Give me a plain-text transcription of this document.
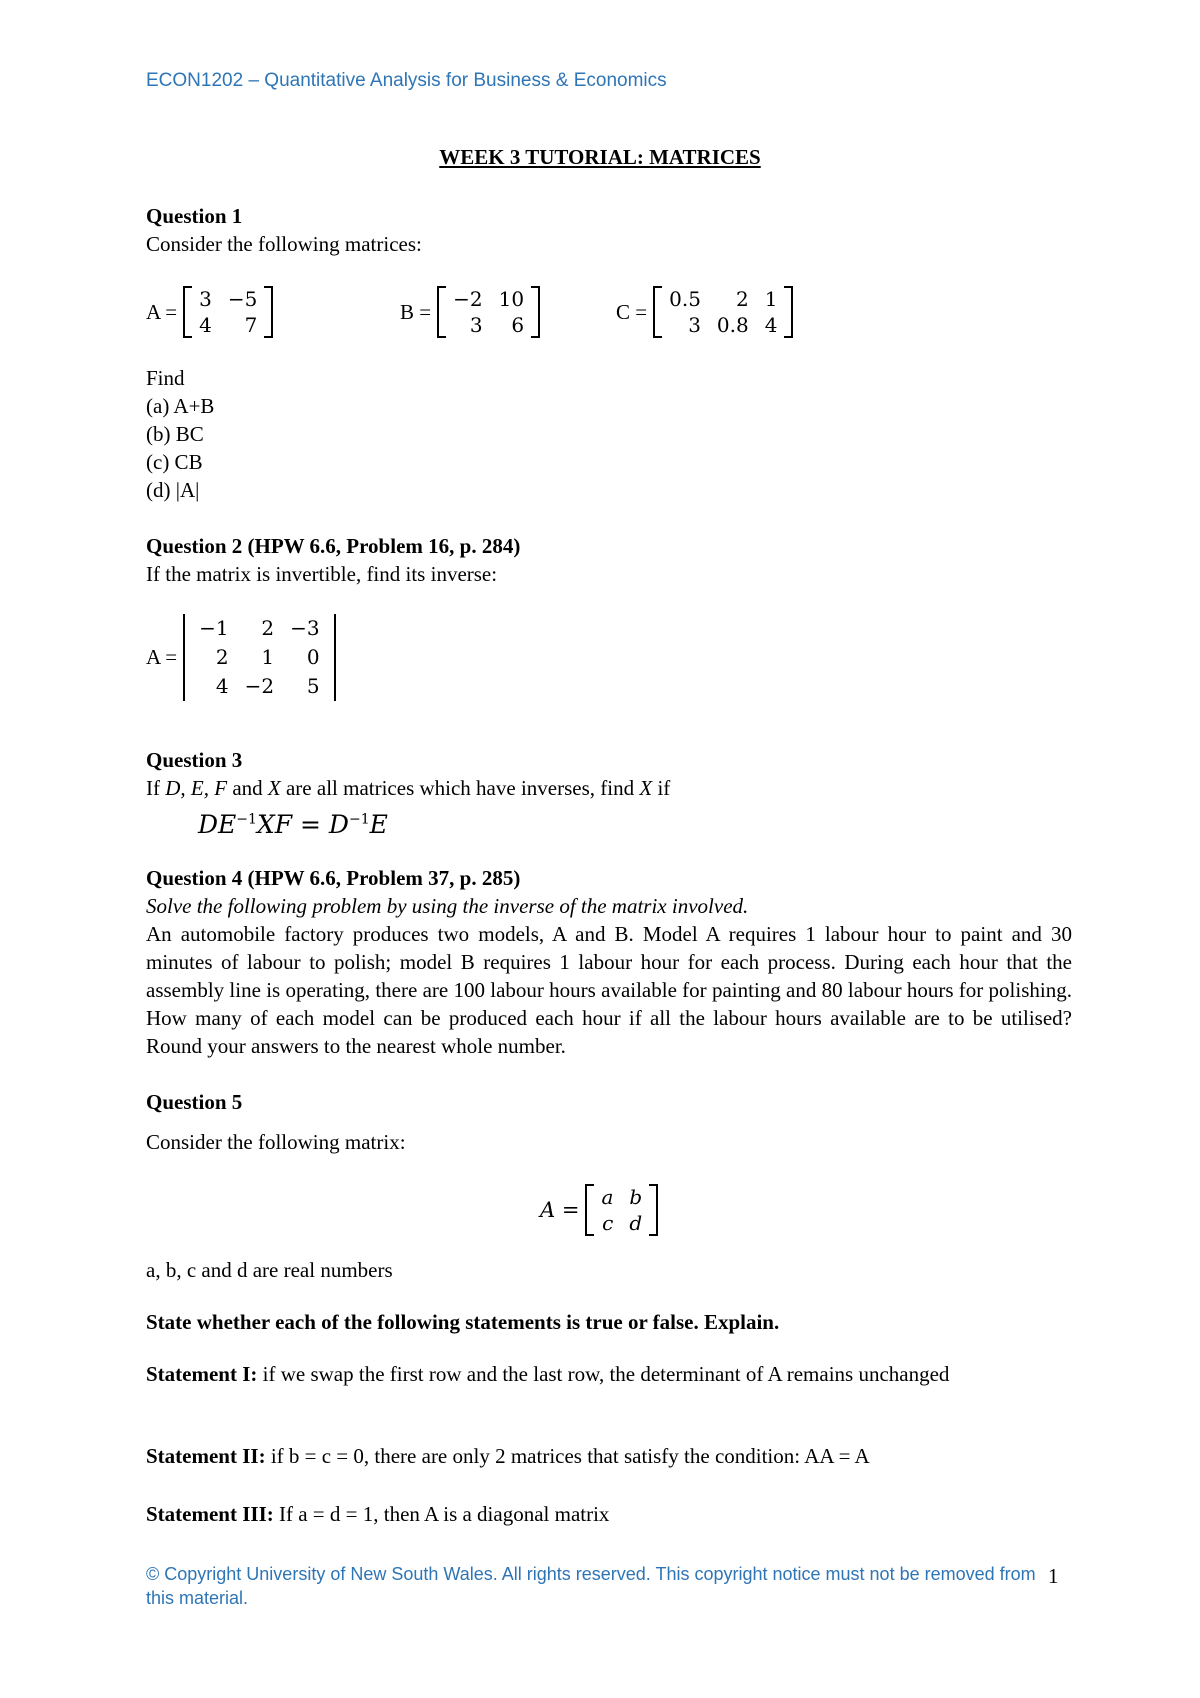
ECON1202 – Quantitative Analysis for Business & Economics
WEEK 3 TUTORIAL: MATRICES
Question 1
Consider the following matrices:
A =
3 −5
4	7
B =
−2 10
3	6
C =
0.5	2 1
3 0.8 4
Find
(a) A+B
(b) BC
(c) CB
(d) |A|
Question 2 (HPW 6.6, Problem 16, p. 284)
If the matrix is invertible, find its inverse:
A =
−1	2 −3
2	1	0
4 −2	5
Question 3
If D, E, F and X are all matrices which have inverses, find X if
$DE^{-1}XF = D^{-1}E$
Question 4 (HPW 6.6, Problem 37, p. 285)
Solve the following problem by using the inverse of the matrix involved.
An automobile factory produces two models, A and B. Model A requires 1 labour hour to paint and 30 minutes of labour to polish; model B requires 1 labour hour for each process. During each hour that the assembly line is operating, there are 100 labour hours available for painting and 80 labour hours for polishing. How many of each model can be produced each hour if all the labour hours available are to be utilised? Round your answers to the nearest whole number.
Question 5
Consider the following matrix:
A =
a b
c d
a, b, c and d are real numbers
State whether each of the following statements is true or false. Explain.
Statement I: if we swap the first row and the last row, the determinant of A remains unchanged
Statement II: if b = c = 0, there are only 2 matrices that satisfy the condition: AA = A
Statement III: If a = d = 1, then A is a diagonal matrix
© Copyright University of New South Wales. All rights reserved. This copyright notice must not be removed from this material.
1
